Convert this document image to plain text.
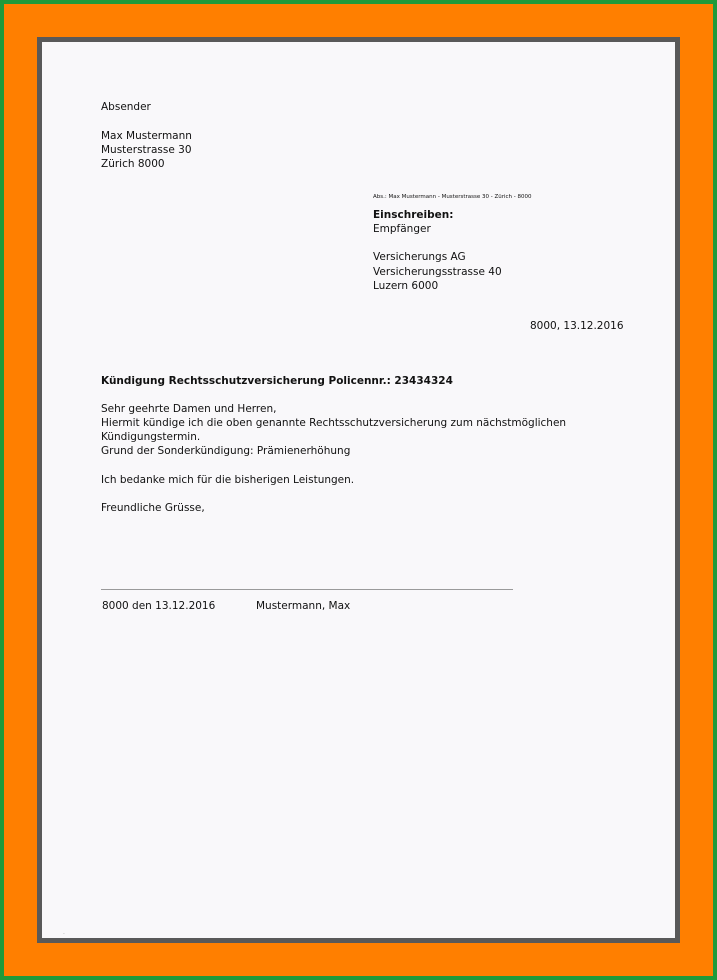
Absender
Max Mustermann
Musterstrasse 30
Zürich 8000
Abs.: Max Mustermann - Musterstrasse 30 - Zürich - 8000
Einschreiben:
Empfänger
Versicherungs AG
Versicherungsstrasse 40
Luzern 6000
8000, 13.12.2016
Kündigung Rechtsschutzversicherung Policennr.: 23434324
Sehr geehrte Damen und Herren,
Hiermit kündige ich die oben genannte Rechtsschutzversicherung zum nächstmöglichen
Kündigungstermin.
Grund der Sonderkündigung: Prämienerhöhung
Ich bedanke mich für die bisherigen Leistungen.
Freundliche Grüsse,
8000 den 13.12.2016	Mustermann, Max
·
